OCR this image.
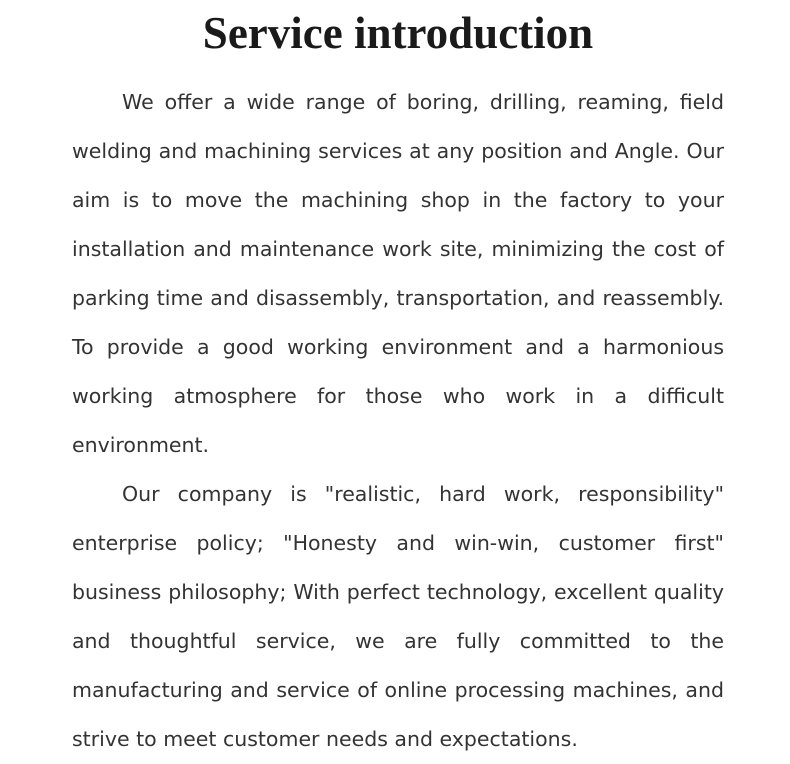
Service introduction

We offer a wide range of boring, drilling, reaming, field welding and machining services at any position and Angle. Our aim is to move the machining shop in the factory to your installation and maintenance work site, minimizing the cost of parking time and disassembly, transportation, and reassembly. To provide a good working environment and a harmonious working atmosphere for those who work in a difficult environment.

Our company is "realistic, hard work, responsibility" enterprise policy; "Honesty and win-win, customer first" business philosophy; With perfect technology, excellent quality and thoughtful service, we are fully committed to the manufacturing and service of online processing machines, and strive to meet customer needs and expectations.
